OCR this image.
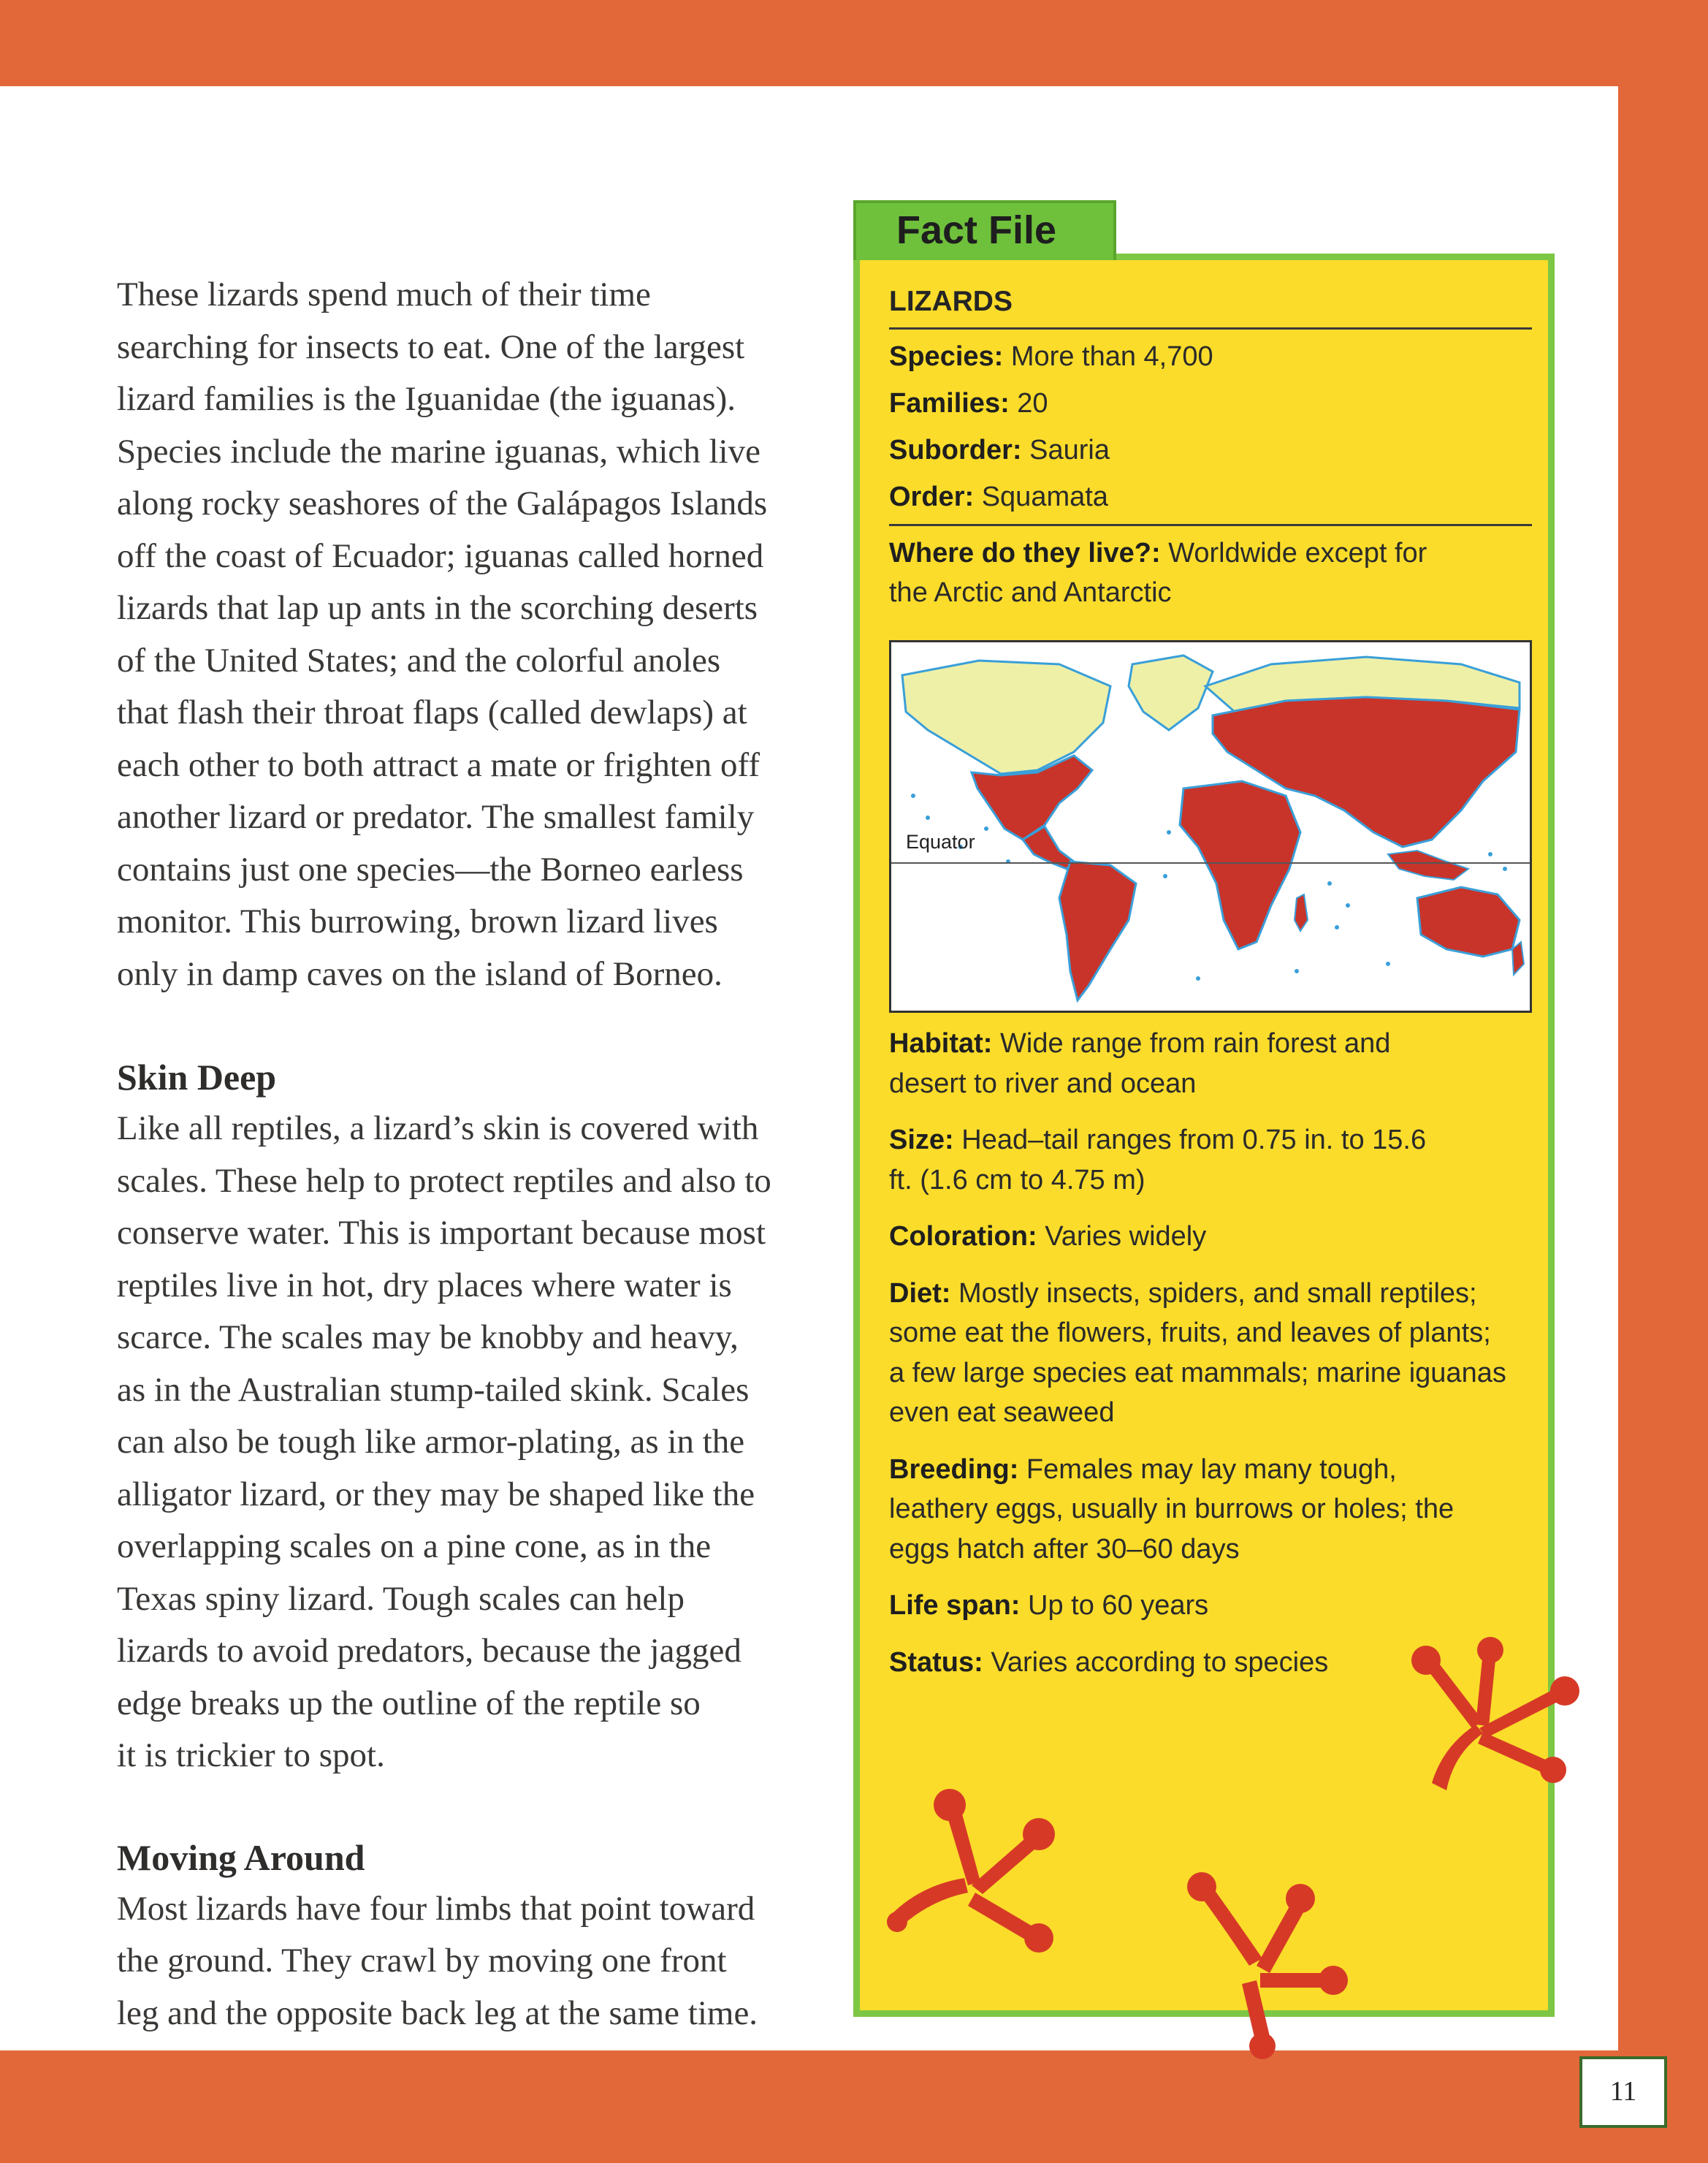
These lizards spend much of their time
searching for insects to eat. One of the largest
lizard families is the Iguanidae (the iguanas).
Species include the marine iguanas, which live
along rocky seashores of the Galápagos Islands
off the coast of Ecuador; iguanas called horned
lizards that lap up ants in the scorching deserts
of the United States; and the colorful anoles
that flash their throat flaps (called dewlaps) at
each other to both attract a mate or frighten off
another lizard or predator. The smallest family
contains just one species—the Borneo earless
monitor. This burrowing, brown lizard lives
only in damp caves on the island of Borneo.

Skin Deep

Like all reptiles, a lizard’s skin is covered with
scales. These help to protect reptiles and also to
conserve water. This is important because most
reptiles live in hot, dry places where water is
scarce. The scales may be knobby and heavy,
as in the Australian stump-tailed skink. Scales
can also be tough like armor-plating, as in the
alligator lizard, or they may be shaped like the
overlapping scales on a pine cone, as in the
Texas spiny lizard. Tough scales can help
lizards to avoid predators, because the jagged
edge breaks up the outline of the reptile so
it is trickier to spot.

Moving Around

Most lizards have four limbs that point toward
the ground. They crawl by moving one front
leg and the opposite back leg at the same time.

LIZARDS
Species: More than 4,700
Families: 20
Suborder: Sauria
Order: Squamata
Where do they live?: Worldwide except for the Arctic and Antarctic
Equator
Habitat: Wide range from rain forest and desert to river and ocean
Size: Head–tail ranges from 0.75 in. to 15.6 ft. (1.6 cm to 4.75 m)
Coloration: Varies widely
Diet: Mostly insects, spiders, and small reptiles; some eat the flowers, fruits, and leaves of plants; a few large species eat mammals; marine iguanas even eat seaweed
Breeding: Females may lay many tough, leathery eggs, usually in burrows or holes; the eggs hatch after 30–60 days
Life span: Up to 60 years
Status: Varies according to species
Fact File
11
